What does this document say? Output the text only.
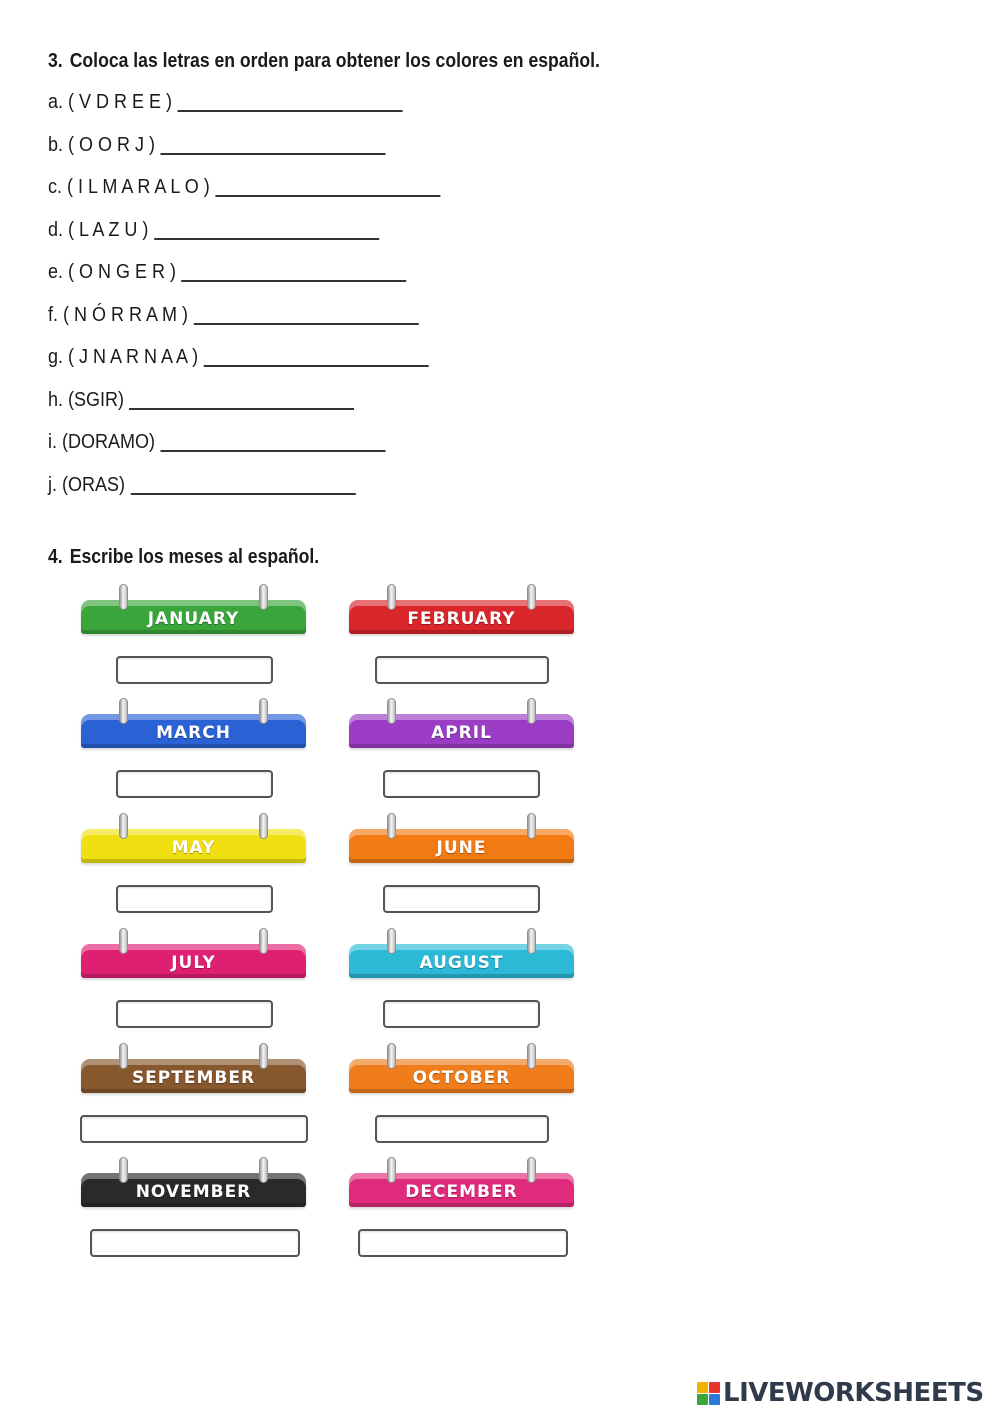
3. Coloca las letras en orden para obtener los colores en español.
a. ( V D R E E )
b. ( O O R J )
c. ( I L M A R A L O )
d. ( L A Z U )
e. ( O N G E R )
f. ( N Ó R R A M )
g. ( J N A R N A A )
h. (SGIR)
i. (DORAMO)
j. (ORAS)
4. Escribe los meses al español.
JANUARY	FEBRUARY
MARCH	APRIL
MAY	JUNE
JULY	AUGUST
SEPTEMBER	OCTOBER
NOVEMBER	DECEMBER
LIVEWORKSHEETS
